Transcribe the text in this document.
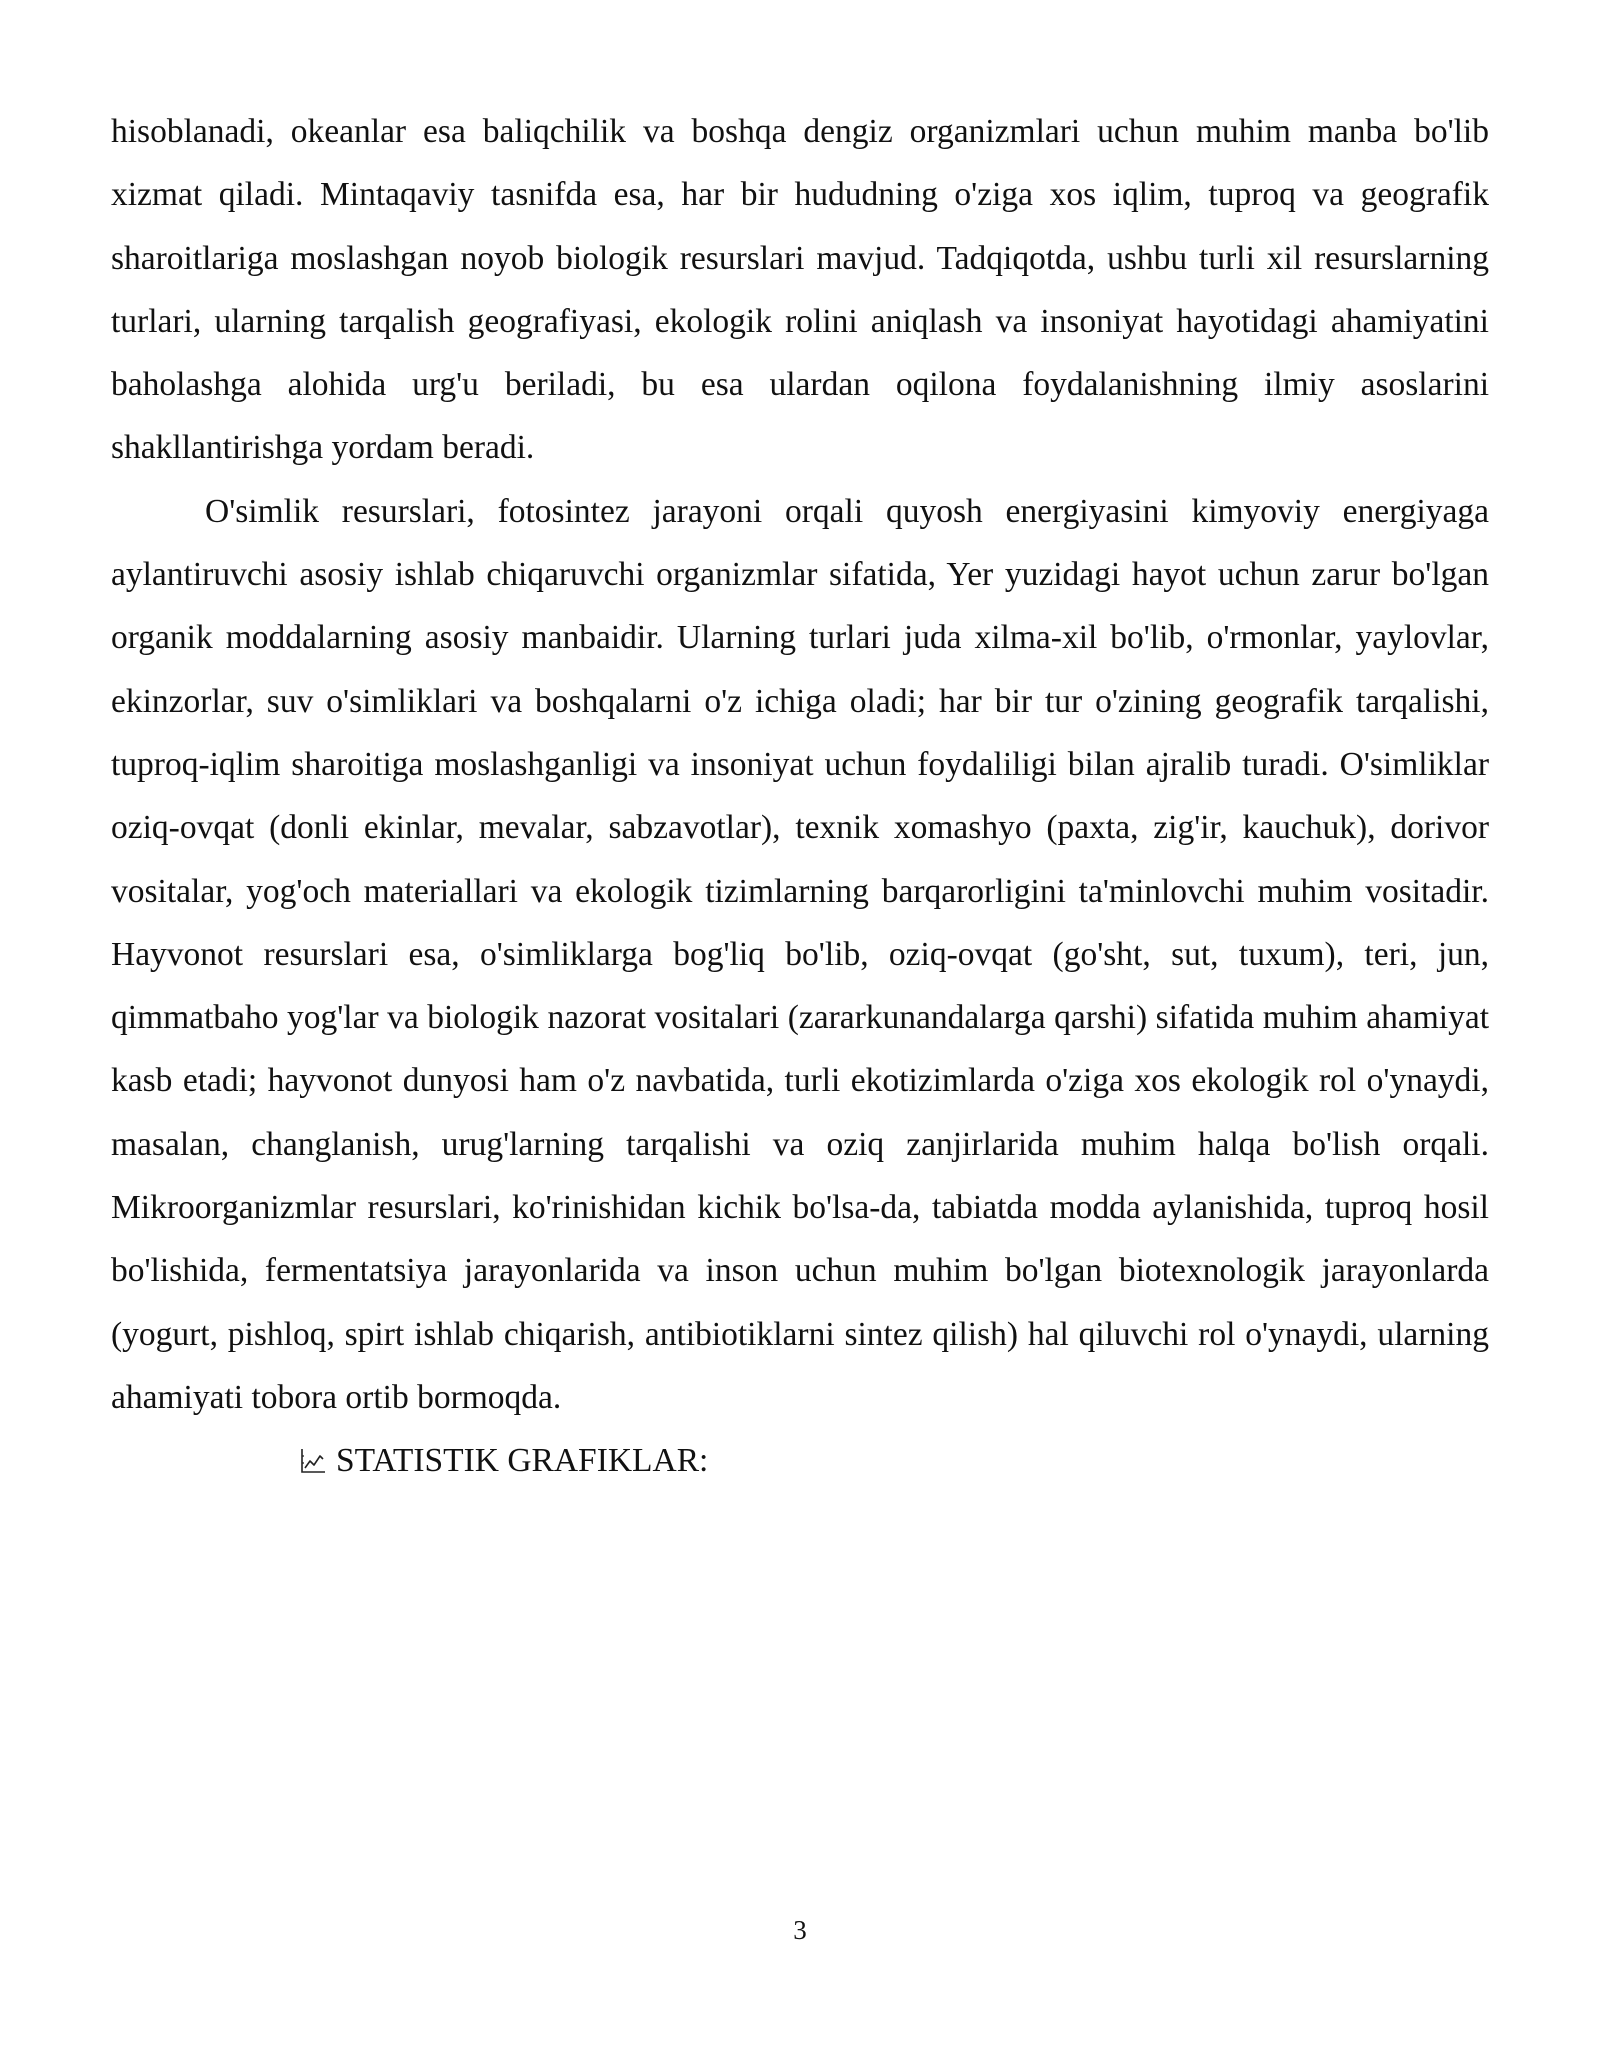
hisoblanadi, okeanlar esa baliqchilik va boshqa dengiz organizmlari uchun muhim manba bo'lib xizmat qiladi. Mintaqaviy tasnifda esa, har bir hududning o'ziga xos iqlim, tuproq va geografik sharoitlariga moslashgan noyob biologik resurslari mavjud. Tadqiqotda, ushbu turli xil resurslarning turlari, ularning tarqalish geografiyasi, ekologik rolini aniqlash va insoniyat hayotidagi ahamiyatini baholashga alohida urg'u beriladi, bu esa ulardan oqilona foydalanishning ilmiy asoslarini shakllantirishga yordam beradi.

O'simlik resurslari, fotosintez jarayoni orqali quyosh energiyasini kimyoviy energiyaga aylantiruvchi asosiy ishlab chiqaruvchi organizmlar sifatida, Yer yuzidagi hayot uchun zarur bo'lgan organik moddalarning asosiy manbaidir. Ularning turlari juda xilma-xil bo'lib, o'rmonlar, yaylovlar, ekinzorlar, suv o'simliklari va boshqalarni o'z ichiga oladi; har bir tur o'zining geografik tarqalishi, tuproq-iqlim sharoitiga moslashganligi va insoniyat uchun foydaliligi bilan ajralib turadi. O'simliklar oziq-ovqat (donli ekinlar, mevalar, sabzavotlar), texnik xomashyo (paxta, zig'ir, kauchuk), dorivor vositalar, yog'och materiallari va ekologik tizimlarning barqarorligini ta'minlovchi muhim vositadir. Hayvonot resurslari esa, o'simliklarga bog'liq bo'lib, oziq-ovqat (go'sht, sut, tuxum), teri, jun, qimmatbaho yog'lar va biologik nazorat vositalari (zararkunandalarga qarshi) sifatida muhim ahamiyat kasb etadi; hayvonot dunyosi ham o'z navbatida, turli ekotizimlarda o'ziga xos ekologik rol o'ynaydi, masalan, changlanish, urug'larning tarqalishi va oziq zanjirlarida muhim halqa bo'lish orqali. Mikroorganizmlar resurslari, ko'rinishidan kichik bo'lsa-da, tabiatda modda aylanishida, tuproq hosil bo'lishida, fermentatsiya jarayonlarida va inson uchun muhim bo'lgan biotexnologik jarayonlarda (yogurt, pishloq, spirt ishlab chiqarish, antibiotiklarni sintez qilish) hal qiluvchi rol o'ynaydi, ularning ahamiyati tobora ortib bormoqda.

STATISTIK GRAFIKLAR:

3
